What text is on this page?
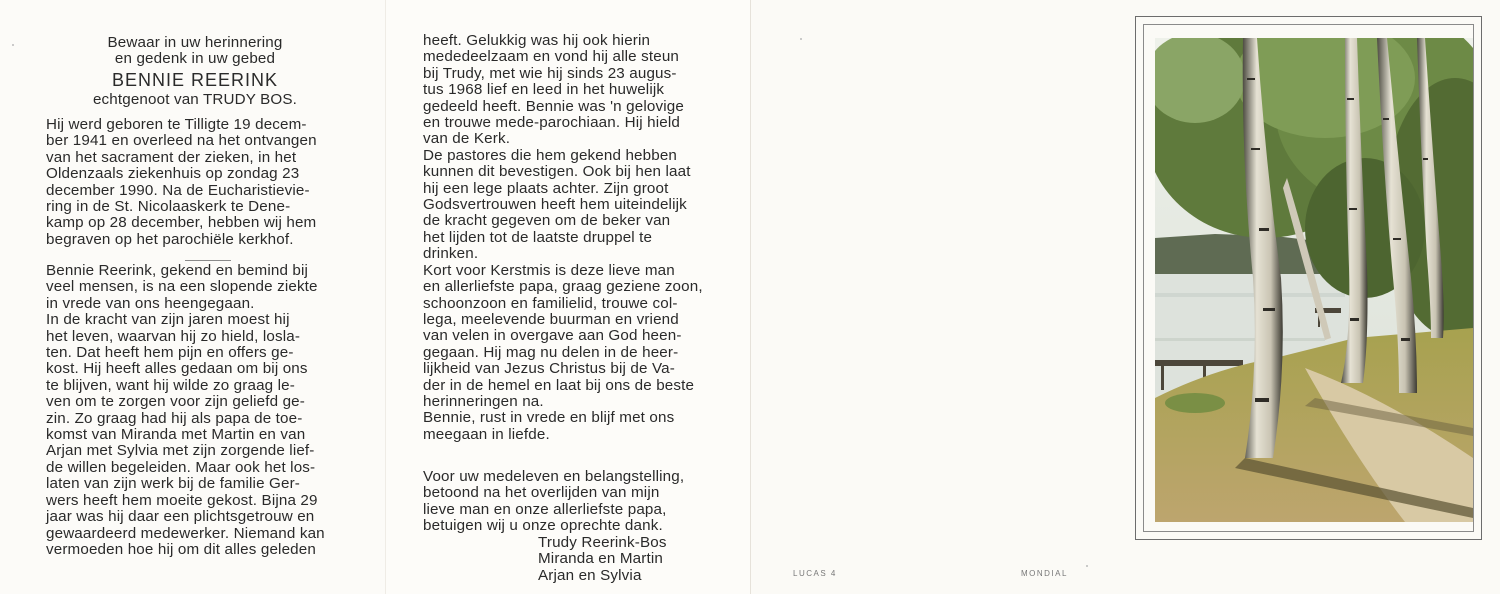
Bewaar in uw herinnering
en gedenk in uw gebed
BENNIE REERINK
echtgenoot van TRUDY BOS.
Hij werd geboren te Tilligte 19 decem-
ber 1941 en overleed na het ontvangen
van het sacrament der zieken, in het
Oldenzaals ziekenhuis op zondag 23
december 1990. Na de Eucharistievie-
ring in de St. Nicolaaskerk te Dene-
kamp op 28 december, hebben wij hem
begraven op het parochiële kerkhof.
Bennie Reerink, gekend en bemind bij
veel mensen, is na een slopende ziekte
in vrede van ons heengegaan.
In de kracht van zijn jaren moest hij
het leven, waarvan hij zo hield, losla-
ten. Dat heeft hem pijn en offers ge-
kost. Hij heeft alles gedaan om bij ons
te blijven, want hij wilde zo graag le-
ven om te zorgen voor zijn geliefd ge-
zin. Zo graag had hij als papa de toe-
komst van Miranda met Martin en van
Arjan met Sylvia met zijn zorgende lief-
de willen begeleiden. Maar ook het los-
laten van zijn werk bij de familie Ger-
wers heeft hem moeite gekost. Bijna 29
jaar was hij daar een plichtsgetrouw en
gewaardeerd medewerker. Niemand kan
vermoeden hoe hij om dit alles geleden
heeft. Gelukkig was hij ook hierin
mededeelzaam en vond hij alle steun
bij Trudy, met wie hij sinds 23 augus-
tus 1968 lief en leed in het huwelijk
gedeeld heeft. Bennie was 'n gelovige
en trouwe mede-parochiaan. Hij hield
van de Kerk.
De pastores die hem gekend hebben
kunnen dit bevestigen. Ook bij hen laat
hij een lege plaats achter. Zijn groot
Godsvertrouwen heeft hem uiteindelijk
de kracht gegeven om de beker van
het lijden tot de laatste druppel te
drinken.
Kort voor Kerstmis is deze lieve man
en allerliefste papa, graag geziene zoon,
schoonzoon en familielid, trouwe col-
lega, meelevende buurman en vriend
van velen in overgave aan God heen-
gegaan. Hij mag nu delen in de heer-
lijkheid van Jezus Christus bij de Va-
der in de hemel en laat bij ons de beste
herinneringen na.
Bennie, rust in vrede en blijf met ons
meegaan in liefde.
Voor uw medeleven en belangstelling,
betoond na het overlijden van mijn
lieve man en onze allerliefste papa,
betuigen wij u onze oprechte dank.
Trudy Reerink-Bos
Miranda en Martin
Arjan en Sylvia	LUCAS 4	MONDIAL
